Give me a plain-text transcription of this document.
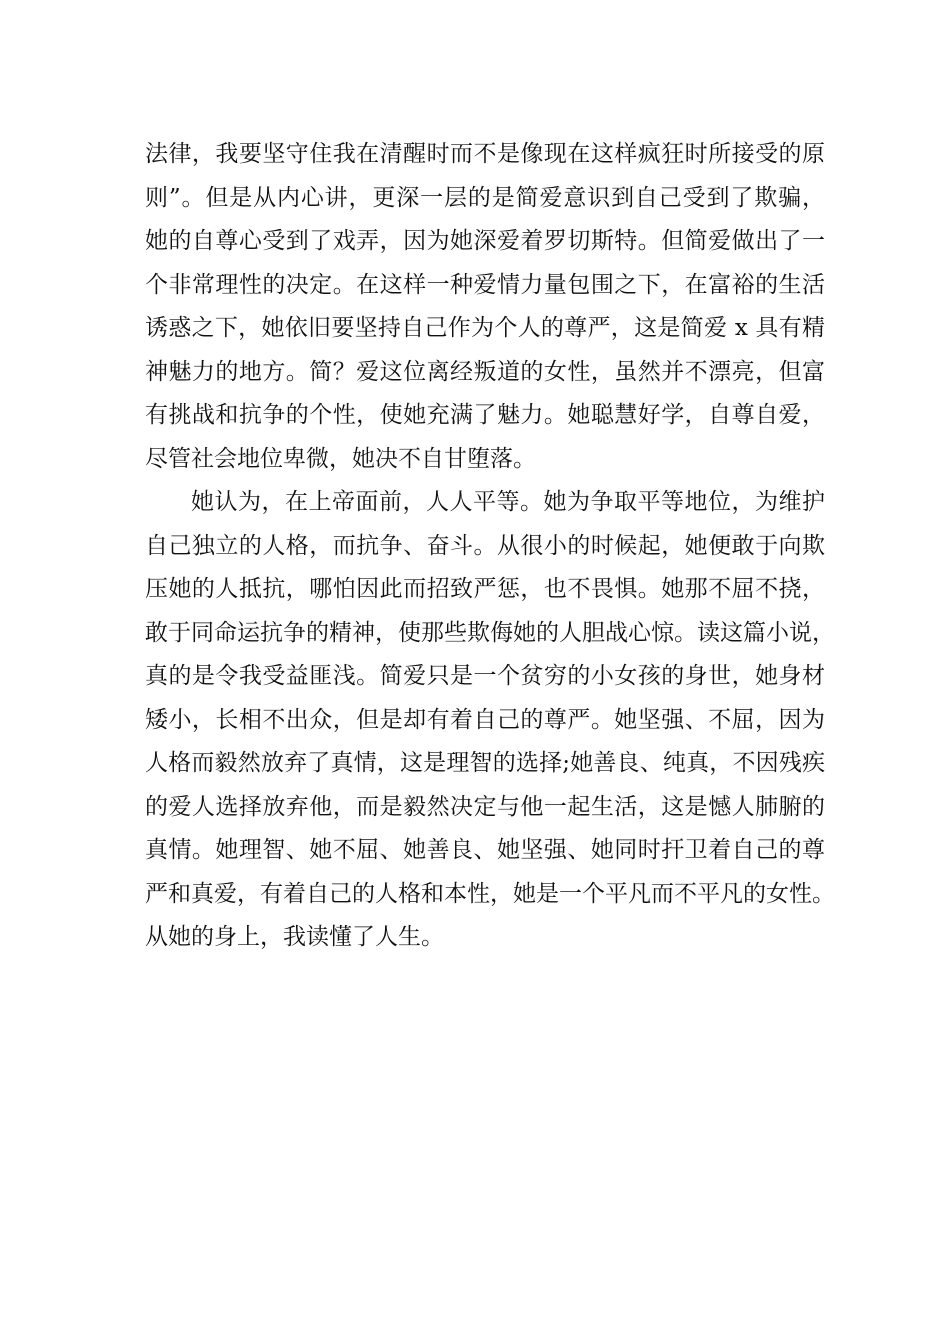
法律，我要坚守住我在清醒时而不是像现在这样疯狂时所接受的原
则”。但是从内心讲，更深一层的是简爱意识到自己受到了欺骗，
她的自尊心受到了戏弄，因为她深爱着罗切斯特。但简爱做出了一
个非常理性的决定。在这样一种爱情力量包围之下，在富裕的生活
诱惑之下，她依旧要坚持自己作为个人的尊严，这是简爱 x 具有精
神魅力的地方。简？爱这位离经叛道的女性，虽然并不漂亮，但富
有挑战和抗争的个性，使她充满了魅力。她聪慧好学，自尊自爱，
尽管社会地位卑微，她决不自甘堕落。
她认为，在上帝面前，人人平等。她为争取平等地位，为维护
自己独立的人格，而抗争、奋斗。从很小的时候起，她便敢于向欺
压她的人抵抗，哪怕因此而招致严惩，也不畏惧。她那不屈不挠，
敢于同命运抗争的精神，使那些欺侮她的人胆战心惊。读这篇小说，
真的是令我受益匪浅。简爱只是一个贫穷的小女孩的身世，她身材
矮小，长相不出众，但是却有着自己的尊严。她坚强、不屈，因为
人格而毅然放弃了真情，这是理智的选择;她善良、纯真，不因残疾
的爱人选择放弃他，而是毅然决定与他一起生活，这是憾人肺腑的
真情。她理智、她不屈、她善良、她坚强、她同时扞卫着自己的尊
严和真爱，有着自己的人格和本性，她是一个平凡而不平凡的女性。
从她的身上，我读懂了人生。
